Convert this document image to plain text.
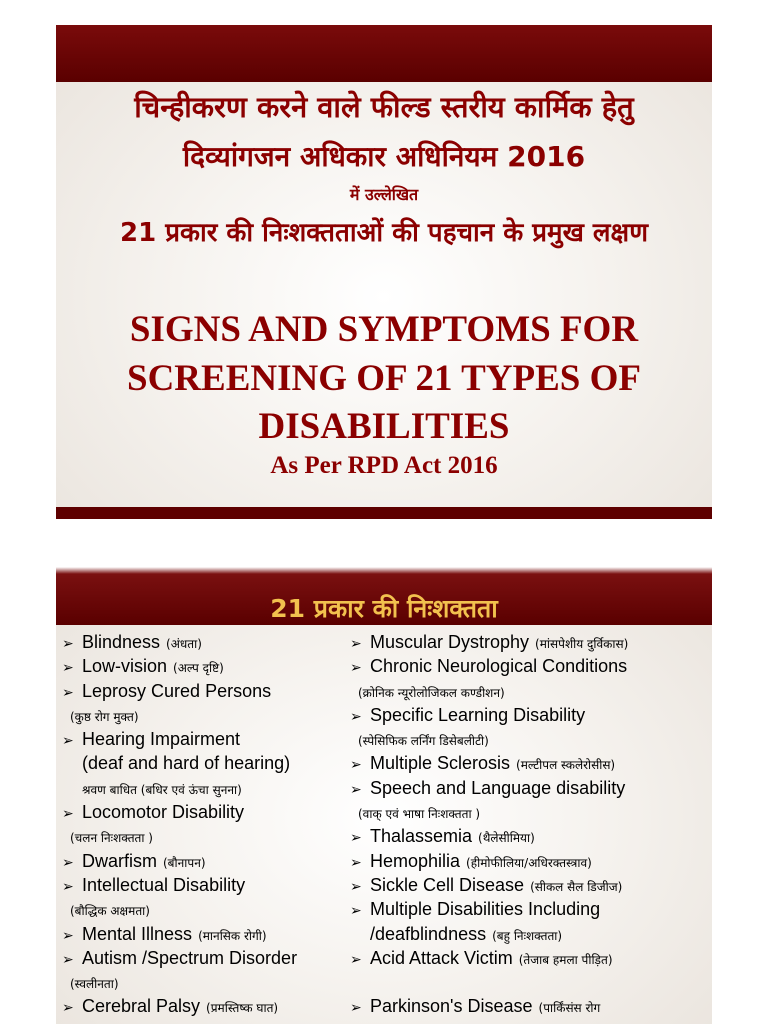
चिन्हीकरण करने वाले फील्ड स्तरीय कार्मिक हेतु
दिव्यांगजन अधिकार अधिनियम 2016
में उल्लेखित
21 प्रकार की निःशक्तताओं की पहचान के प्रमुख लक्षण
SIGNS AND SYMPTOMS FOR
SCREENING OF 21 TYPES OF
DISABILITIES
As Per RPD Act 2016
21 प्रकार की निःशक्तता
➢ Blindness (अंधता)
➢ Low-vision (अल्प दृष्टि)
➢ Leprosy Cured Persons
(कुष्ठ रोग मुक्त)
➢ Hearing Impairment
(deaf and hard of hearing)
श्रवण बाधित (बधिर एवं ऊंचा सुनना)
➢ Locomotor Disability
(चलन निःशक्तता )
➢ Dwarfism (बौनापन)
➢ Intellectual Disability
(बौद्धिक अक्षमता)
➢ Mental Illness (मानसिक रोगी)
➢ Autism /Spectrum Disorder
(स्वलीनता)
➢ Cerebral Palsy (प्रमस्तिष्क घात)
➢ Muscular Dystrophy (मांसपेशीय दुर्विकास)
➢ Chronic Neurological Conditions
(क्रोनिक न्यूरोलोजिकल कण्डीशन)
➢ Specific Learning Disability
(स्पेसिफिक लर्निंग डिसेबलीटी)
➢ Multiple Sclerosis (मल्टीपल स्कलेरोसीस)
➢ Speech and Language disability
(वाक् एवं भाषा निःशक्तता )
➢ Thalassemia (थैलेसीमिया)
➢ Hemophilia (हीमोफीलिया/अधिरक्तस्त्राव)
➢ Sickle Cell Disease (सीकल सैल डिजीज)
➢ Multiple Disabilities Including
/deafblindness (बहु निःशक्तता)
➢ Acid Attack Victim (तेजाब हमला पीड़ित)
➢ Parkinson's Disease (पार्किंसंस रोग
